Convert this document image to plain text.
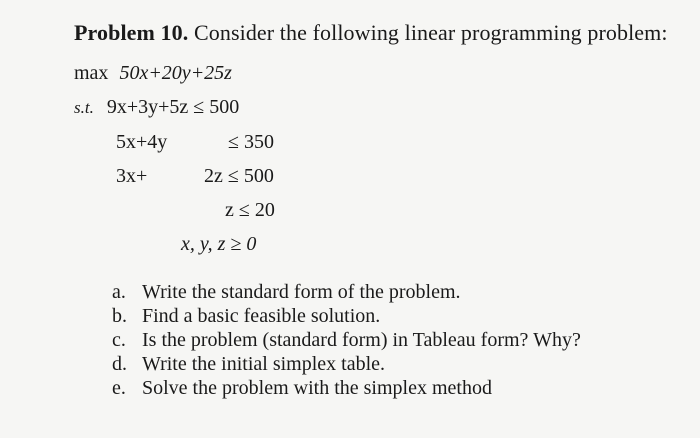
Problem 10. Consider the following linear programming problem:
max 50x+20y+25z
s.t. 9x+3y+5z ≤ 500
5x+4y	≤ 350
3x+	2z ≤ 500
z ≤ 20
x, y, z ≥ 0
a. Write the standard form of the problem.
b. Find a basic feasible solution.
c. Is the problem (standard form) in Tableau form? Why?
d. Write the initial simplex table.
e. Solve the problem with the simplex method
